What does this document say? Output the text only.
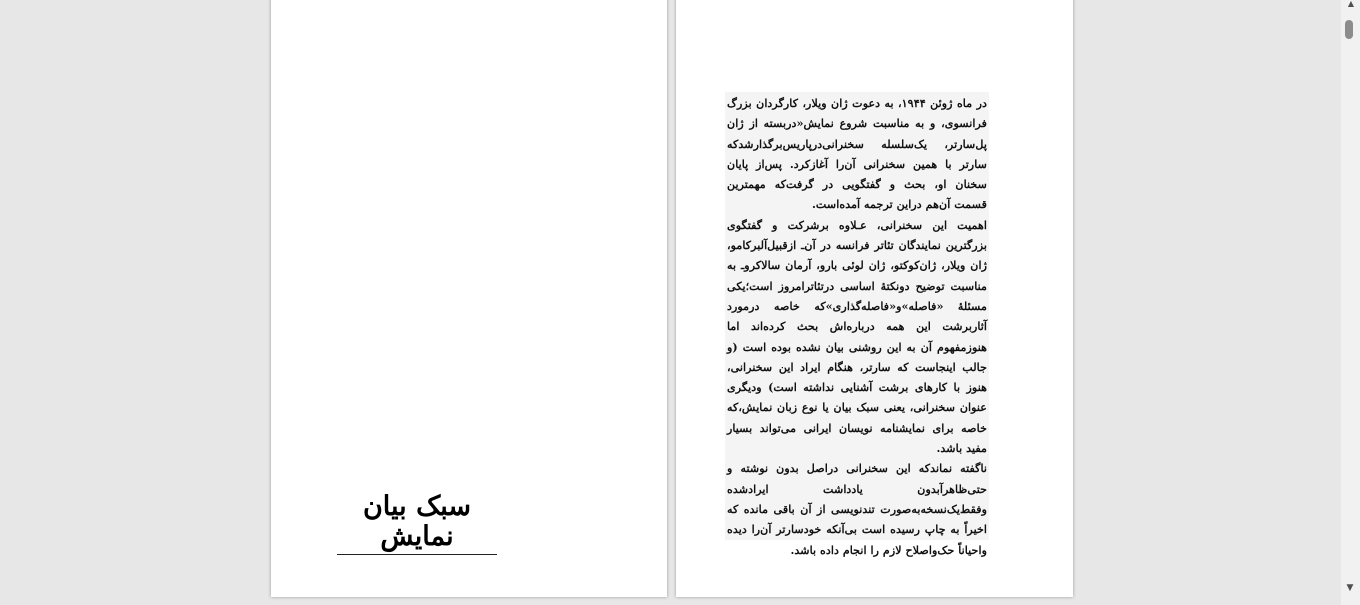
سبک بیان نمایش

در ماه ژوئن ۱۹۴۴، به دعوت ژان ویلار، کارگردان بزرگ فرانسوی، و به مناسبت شروع نمایش«دربسته از ژان پل‌سارتر، یک‌سلسله سخنرانی‌درپاریس‌برگذارشدکه سارتر با همین سخنرانی آن‌را آغازکرد. پس‌از پایان سخنان او، بحث و گفتگویی در گرفت‌که مهمترین قسمت آن‌هم دراین ترجمه آمده‌است.

اهمیت این سخنرانی، عـلاوه برشرکت و گفتگوی بزرگترین نمایندگان تئاتر فرانسه در آن‌ـ ازقبیل‌آلبرکامو، ژان ویلار، ژان‌کوکتو، ژان لوئی بارو، آرمان سالاکروـ به مناسبت توضیح دونکتهٔ اساسی درتئاترامروز است؛یکی مسئلهٔ «فاصله»و«فاصله‌گذاری»که خاصه درمورد آثاربرشت این همه درباره‌اش بحث کرده‌اند اما هنوزمفهوم آن به این روشنی بیان نشده بوده است (و جالب اینجاست که سارتر، هنگام ایراد این سخنرانی، هنوز با کارهای برشت آشنایی نداشته است) ودیگری عنوان سخنرانی، یعنی سبک بیان یا نوع زبان نمایش،که خاصه برای نمایشنامه نویسان ایرانی می‌تواند بسیار مفید باشد.

ناگفته نماندکه این سخنرانی دراصل بدون نوشته و حتی‌ظاهرآبدون یادداشت ایرادشده وفقط‌یک‌نسخه‌به‌صورت تندنویسی از آن باقی مانده که اخیراً به چاپ رسیده است بی‌آنکه خودسارتر آن‌را دیده واحیاناً حک‌واصلاح لازم را انجام داده باشد.

▲
▼
